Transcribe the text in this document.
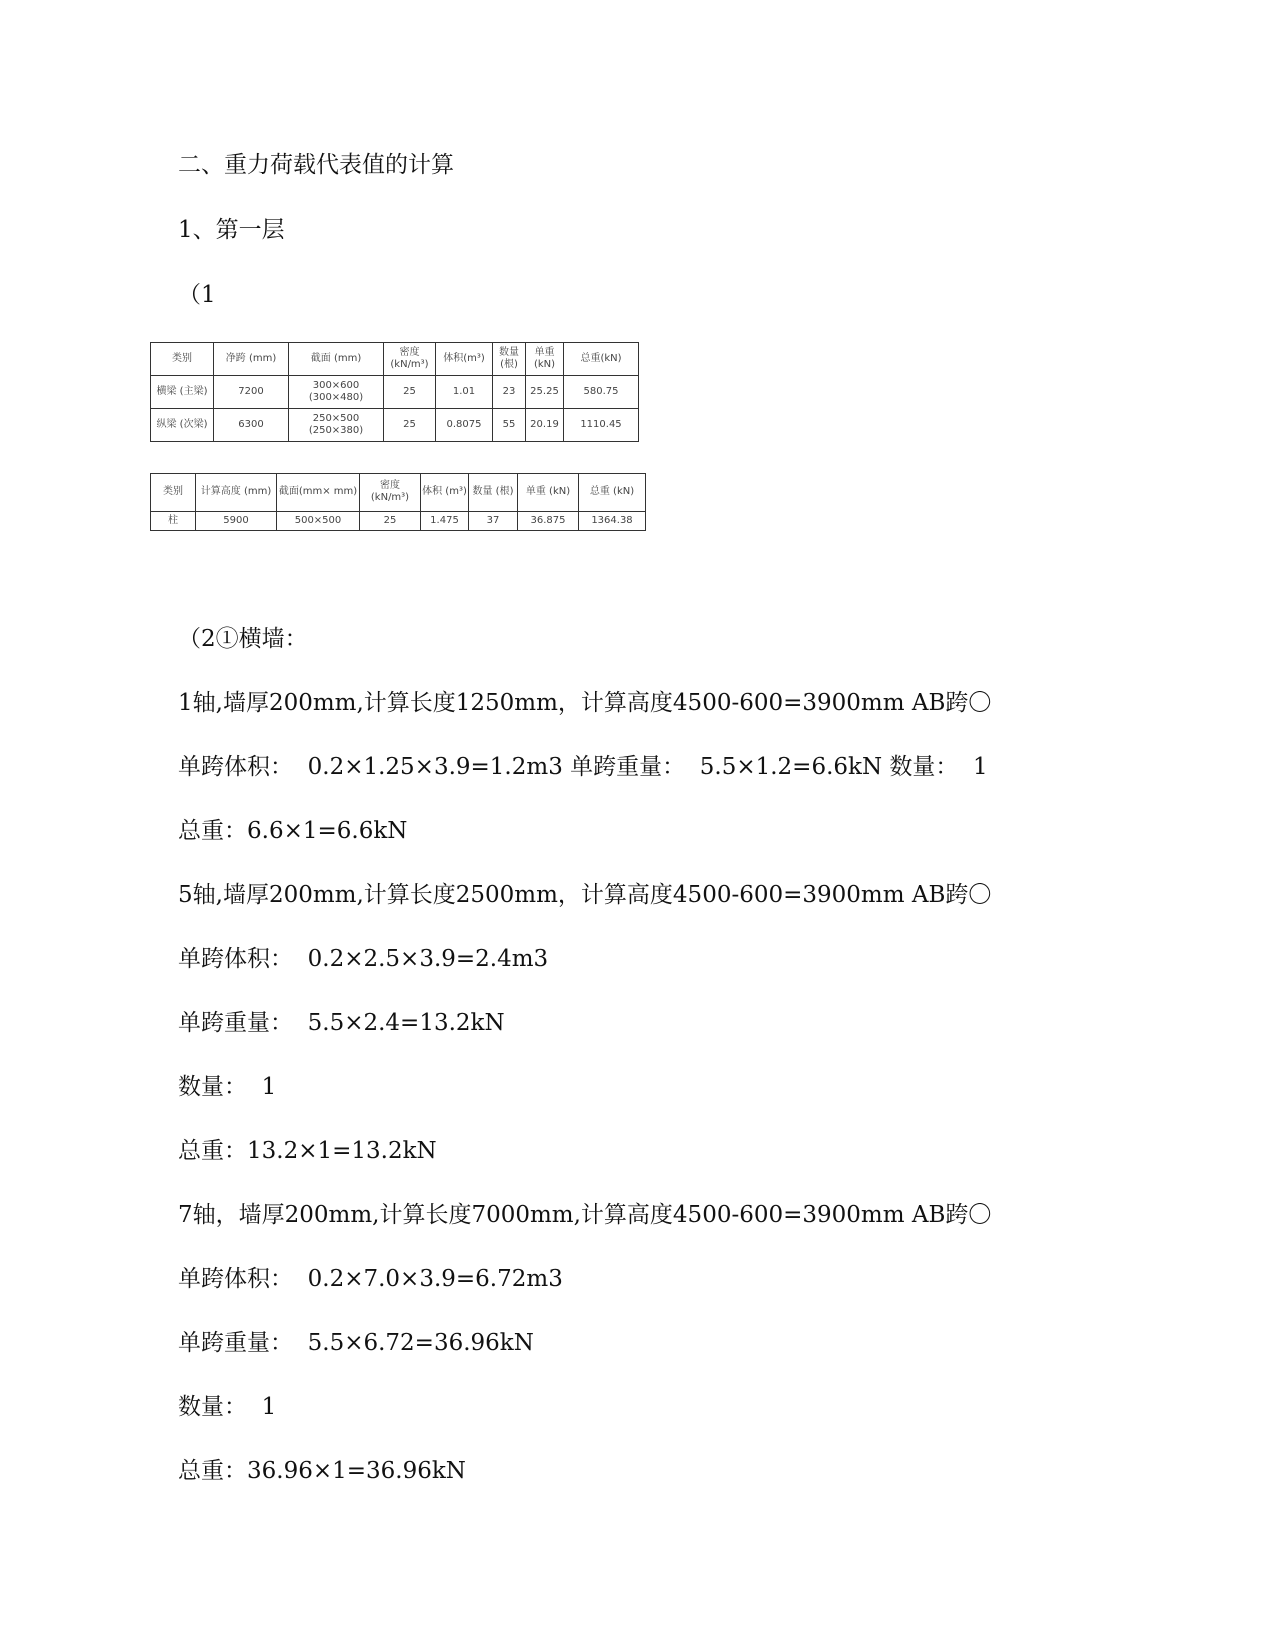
二、重力荷载代表值的计算
1、第一层
（1
类别	净跨 (mm)	截面 (mm)	密度 (kN/m³)	体积(m³)	数量 (根)	单重 (kN)	总重(kN)
横梁 (主梁)	7200	300×600 (300×480)	25	1.01	23	25.25	580.75
纵梁 (次梁)	6300	250×500 (250×380)	25	0.8075	55	20.19	1110.45
类别	计算高度 (mm)	截面(mm× mm)	密度 (kN/m³)	体积 (m³)	数量 (根)	单重 (kN)	总重 (kN)
柱	5900	500×500	25	1.475	37	36.875	1364.38
（2①横墙：
1轴,墙厚200mm,计算长度1250mm，计算高度4500-600=3900mm AB跨〇
单跨体积：  0.2×1.25×3.9=1.2m3 单跨重量：  5.5×1.2=6.6kN 数量：  1
总重：6.6×1=6.6kN
5轴,墙厚200mm,计算长度2500mm，计算高度4500-600=3900mm AB跨〇
单跨体积：  0.2×2.5×3.9=2.4m3
单跨重量：  5.5×2.4=13.2kN
数量：  1
总重：13.2×1=13.2kN
7轴，墙厚200mm,计算长度7000mm,计算高度4500-600=3900mm AB跨〇
单跨体积：  0.2×7.0×3.9=6.72m3
单跨重量：  5.5×6.72=36.96kN
数量：  1
总重：36.96×1=36.96kN
